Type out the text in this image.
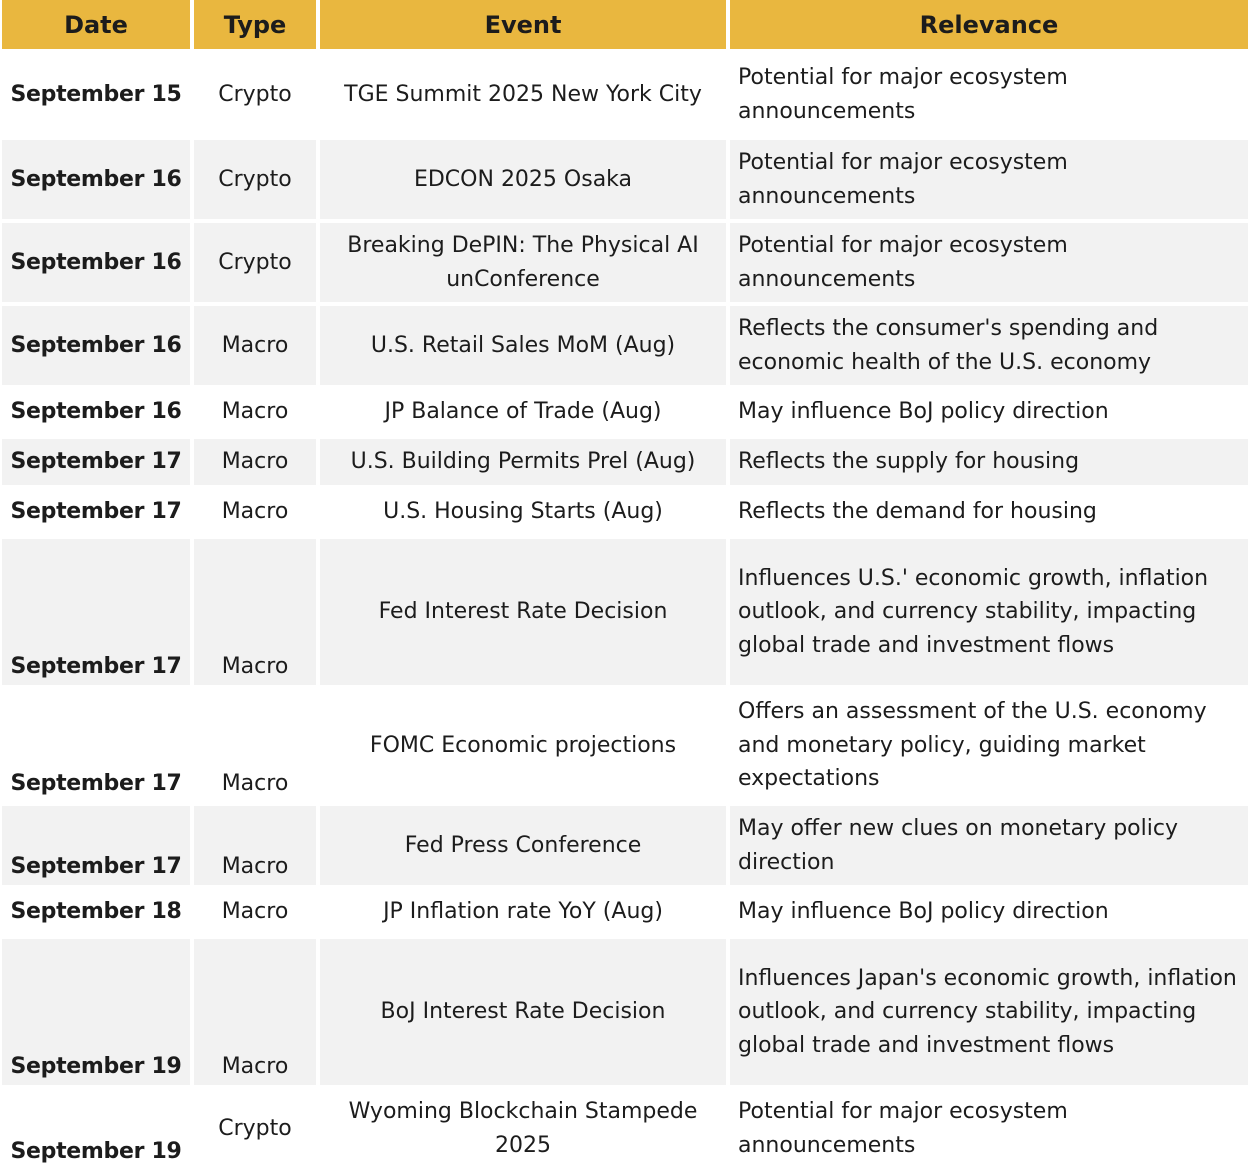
Date	Type	Event	Relevance
September 15	Crypto	TGE Summit 2025 New York City	Potential for major ecosystem announcements
September 16	Crypto	EDCON 2025 Osaka	Potential for major ecosystem announcements
September 16	Crypto	Breaking DePIN: The Physical AI unConference	Potential for major ecosystem announcements
September 16	Macro	U.S. Retail Sales MoM (Aug)	Reflects the consumer's spending and economic health of the U.S. economy
September 16	Macro	JP Balance of Trade (Aug)	May influence BoJ policy direction
September 17	Macro	U.S. Building Permits Prel (Aug)	Reflects the supply for housing
September 17	Macro	U.S. Housing Starts (Aug)	Reflects the demand for housing
September 17	Macro	Fed Interest Rate Decision	Influences U.S.' economic growth, inflation outlook, and currency stability, impacting global trade and investment flows
September 17	Macro	FOMC Economic projections	Offers an assessment of the U.S. economy and monetary policy, guiding market expectations
September 17	Macro	Fed Press Conference	May offer new clues on monetary policy direction
September 18	Macro	JP Inflation rate YoY (Aug)	May influence BoJ policy direction
September 19	Macro	BoJ Interest Rate Decision	Influences Japan's economic growth, inflation outlook, and currency stability, impacting global trade and investment flows
September 19	Crypto	Wyoming Blockchain Stampede 2025	Potential for major ecosystem announcements
